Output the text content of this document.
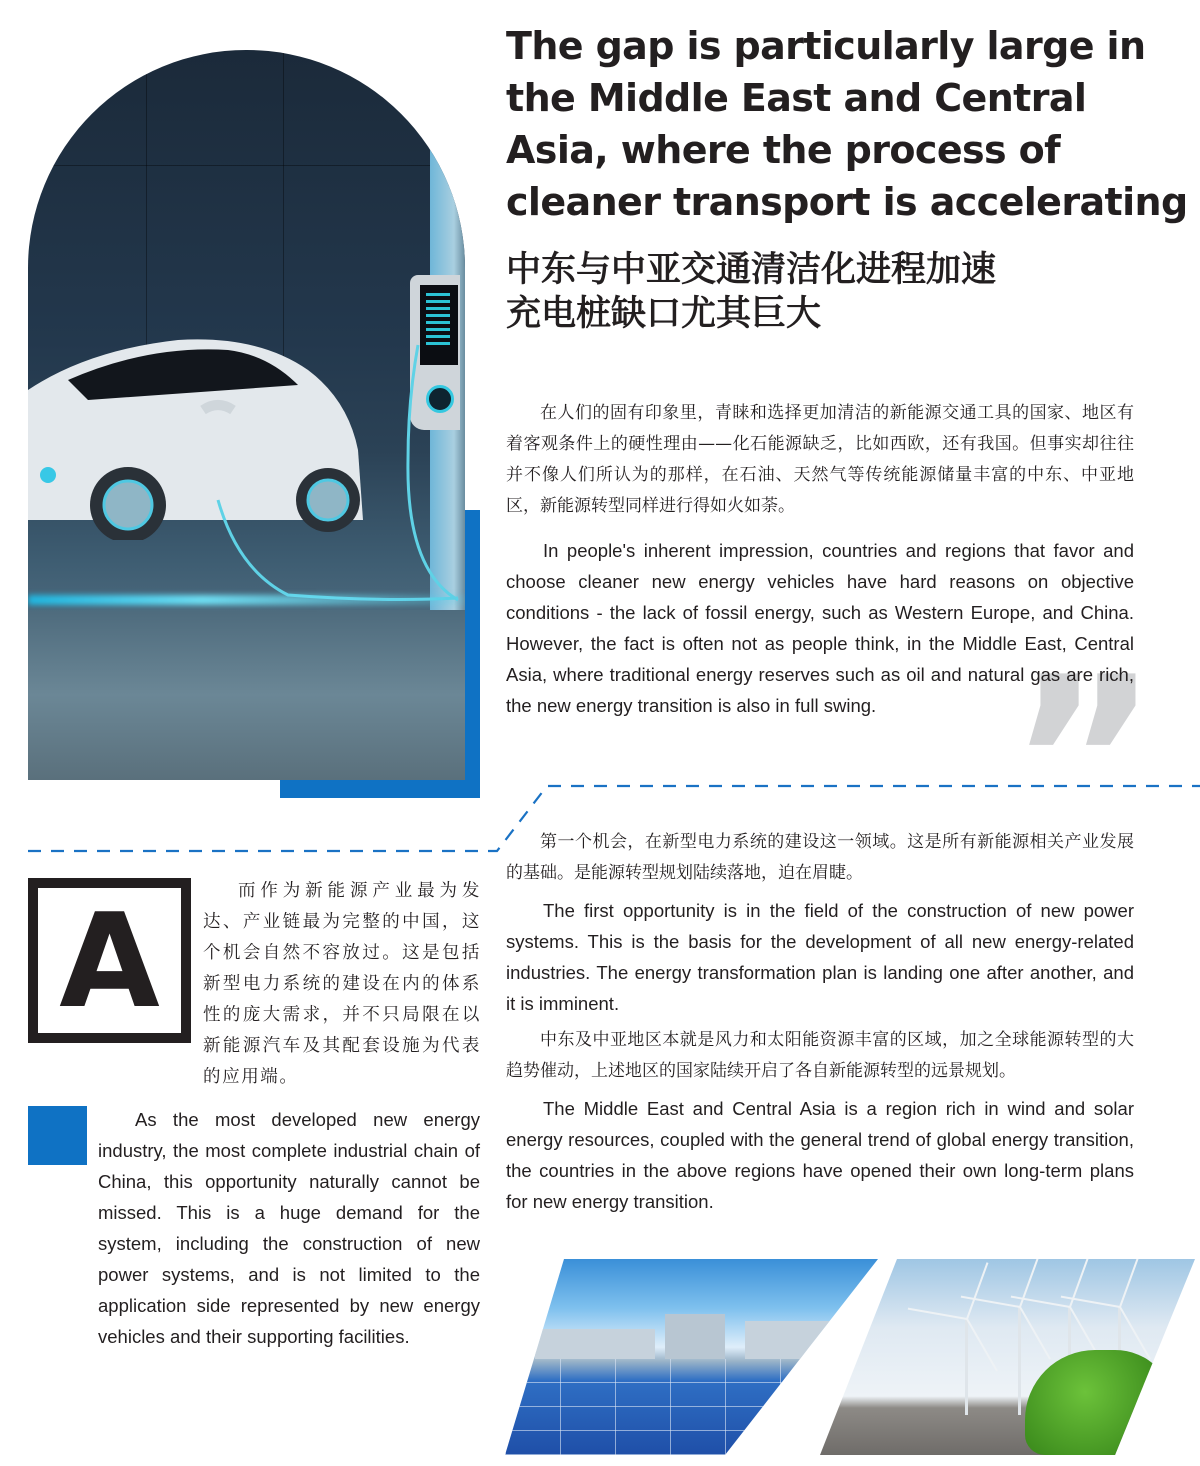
The gap is particularly large in the Middle East and Central Asia, where the process of cleaner transport is accelerating
中东与中亚交通清洁化进程加速
充电桩缺口尤其巨大

在人们的固有印象里，青睐和选择更加清洁的新能源交通工具的国家、地区有着客观条件上的硬性理由——化石能源缺乏，比如西欧，还有我国。但事实却往往并不像人们所认为的那样，在石油、天然气等传统能源储量丰富的中东、中亚地区，新能源转型同样进行得如火如荼。

In people's inherent impression, countries and regions that favor and choose cleaner new energy vehicles have hard reasons on objective conditions - the lack of fossil energy, such as Western Europe, and China. However, the fact is often not as people think, in the Middle East, Central Asia, where traditional energy reserves such as oil and natural gas are rich, the new energy transition is also in full swing. ”
A	而作为新能源产业最为发达、产业链最为完整的中国，这个机会自然不容放过。这是包括新型电力系统的建设在内的体系性的庞大需求，并不只局限在以新能源汽车及其配套设施为代表的应用端。

As the most developed new energy industry, the most complete industrial chain of China, this opportunity naturally cannot be missed. This is a huge demand for the system, including the construction of new power systems, and is not limited to the application side represented by new energy vehicles and their supporting facilities.

第一个机会，在新型电力系统的建设这一领域。这是所有新能源相关产业发展的基础。是能源转型规划陆续落地，迫在眉睫。

The first opportunity is in the field of the construction of new power systems. This is the basis for the development of all new energy-related industries. The energy transformation plan is landing one after another, and it is imminent.

中东及中亚地区本就是风力和太阳能资源丰富的区域，加之全球能源转型的大趋势催动，上述地区的国家陆续开启了各自新能源转型的远景规划。

The Middle East and Central Asia is a region rich in wind and solar energy resources, coupled with the general trend of global energy transition, the countries in the above regions have opened their own long-term plans for new energy transition.
